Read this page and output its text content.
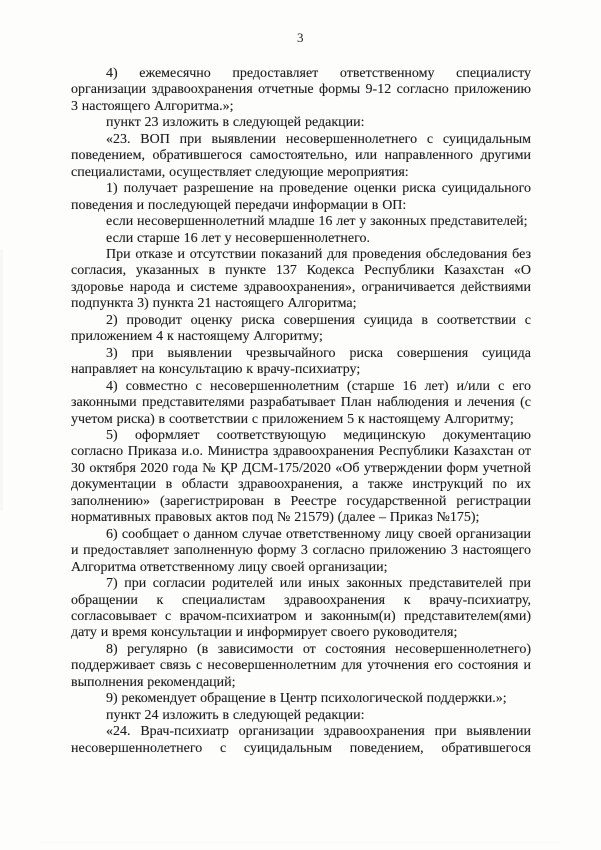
3

4) ежемесячно предоставляет ответственному специалисту организации здравоохранения отчетные формы 9-12 согласно приложению 3 настоящего Алгоритма.»;

пункт 23 изложить в следующей редакции:

«23. ВОП при выявлении несовершеннолетнего с суицидальным поведением, обратившегося самостоятельно, или направленного другими специалистами, осуществляет следующие мероприятия:

1) получает разрешение на проведение оценки риска суицидального поведения и последующей передачи информации в ОП:

если несовершеннолетний младше 16 лет у законных представителей;

если старше 16 лет у несовершеннолетнего.

При отказе и отсутствии показаний для проведения обследования без согласия, указанных в пункте 137 Кодекса Республики Казахстан «О здоровье народа и системе здравоохранения», ограничивается действиями подпункта 3) пункта 21 настоящего Алгоритма;

2) проводит оценку риска совершения суицида в соответствии с приложением 4 к настоящему Алгоритму;

3) при выявлении чрезвычайного риска совершения суицида направляет на консультацию к врачу-психиатру;

4) совместно с несовершеннолетним (старше 16 лет) и/или с его законными представителями разрабатывает План наблюдения и лечения (с учетом риска) в соответствии с приложением 5 к настоящему Алгоритму;

5) оформляет соответствующую медицинскую документацию согласно Приказа и.о. Министра здравоохранения Республики Казахстан от 30 октября 2020 года № ҚР ДСМ-175/2020 «Об утверждении форм учетной документации в области здравоохранения, а также инструкций по их заполнению» (зарегистрирован в Реестре государственной регистрации нормативных правовых актов под № 21579) (далее – Приказ №175);

6) сообщает о данном случае ответственному лицу своей организации и предоставляет заполненную форму 3 согласно приложению 3 настоящего Алгоритма ответственному лицу своей организации;

7) при согласии родителей или иных законных представителей при обращении к специалистам здравоохранения к врачу-психиатру, согласовывает с врачом-психиатром и законным(и) представителем(ями) дату и время консультации и информирует своего руководителя;

8) регулярно (в зависимости от состояния несовершеннолетнего) поддерживает связь с несовершеннолетним для уточнения его состояния и выполнения рекомендаций;

9) рекомендует обращение в Центр психологической поддержки.»;

пункт 24 изложить в следующей редакции:

«24. Врач-психиатр организации здравоохранения при выявлении несовершеннолетнего с суицидальным поведением, обратившегося
